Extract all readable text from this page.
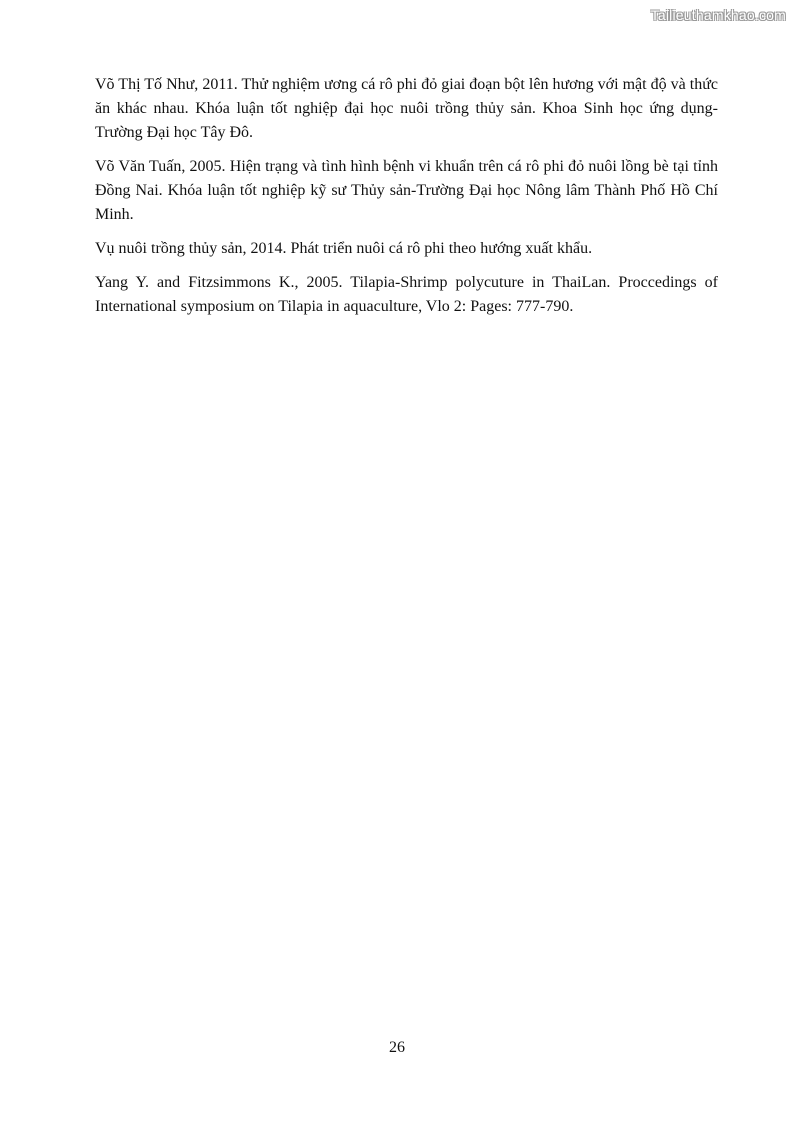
Tailieuthamkhao.com

Võ Thị Tố Như, 2011. Thử nghiệm ương cá rô phi đỏ giai đoạn bột lên hương với mật độ và thức ăn khác nhau. Khóa luận tốt nghiệp đại học nuôi trồng thủy sản. Khoa Sinh học ứng dụng-Trường Đại học Tây Đô.

Võ Văn Tuấn, 2005. Hiện trạng và tình hình bệnh vi khuẩn trên cá rô phi đỏ nuôi lồng bè tại tỉnh Đồng Nai. Khóa luận tốt nghiệp kỹ sư Thủy sản-Trường Đại học Nông lâm Thành Phố Hồ Chí Minh.

Vụ nuôi trồng thủy sản, 2014. Phát triển nuôi cá rô phi theo hướng xuất khẩu.

Yang Y. and Fitzsimmons K., 2005. Tilapia-Shrimp polycuture in ThaiLan. Proccedings of International symposium on Tilapia in aquaculture, Vlo 2: Pages: 777-790.

26
